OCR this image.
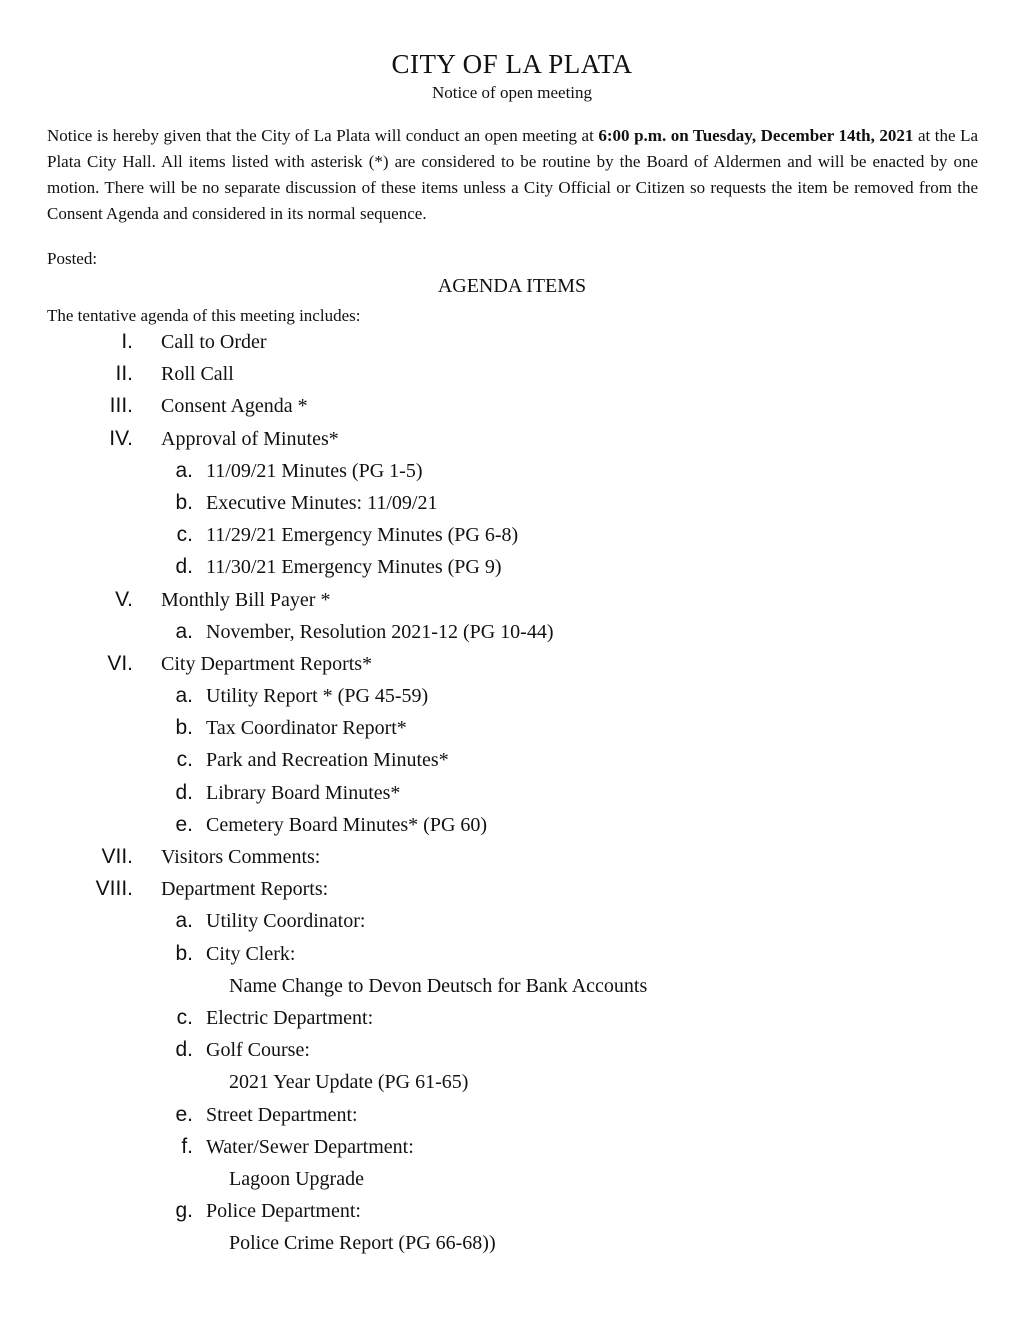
CITY OF LA PLATA
Notice of open meeting

Notice is hereby given that the City of La Plata will conduct an open meeting at 6:00 p.m. on Tuesday, December 14th, 2021 at the La Plata City Hall. All items listed with asterisk (*) are considered to be routine by the Board of Aldermen and will be enacted by one motion. There will be no separate discussion of these items unless a City Official or Citizen so requests the item be removed from the Consent Agenda and considered in its normal sequence.

Posted:
AGENDA ITEMS
The tentative agenda of this meeting includes:
I. Call to Order
II. Roll Call
III. Consent Agenda *
IV. Approval of Minutes*
a. 11/09/21 Minutes (PG 1-5)
b. Executive Minutes: 11/09/21
c. 11/29/21 Emergency Minutes (PG 6-8)
d. 11/30/21 Emergency Minutes (PG 9)
V. Monthly Bill Payer *
a. November, Resolution 2021-12 (PG 10-44)
VI. City Department Reports*
a. Utility Report * (PG 45-59)
b. Tax Coordinator Report*
c. Park and Recreation Minutes*
d. Library Board Minutes*
e. Cemetery Board Minutes* (PG 60)
VII. Visitors Comments:
VIII. Department Reports:
a. Utility Coordinator:
b. City Clerk:
Name Change to Devon Deutsch for Bank Accounts
c. Electric Department:
d. Golf Course:
2021 Year Update (PG 61-65)
e. Street Department:
f. Water/Sewer Department:
Lagoon Upgrade
g. Police Department:
Police Crime Report (PG 66-68))
